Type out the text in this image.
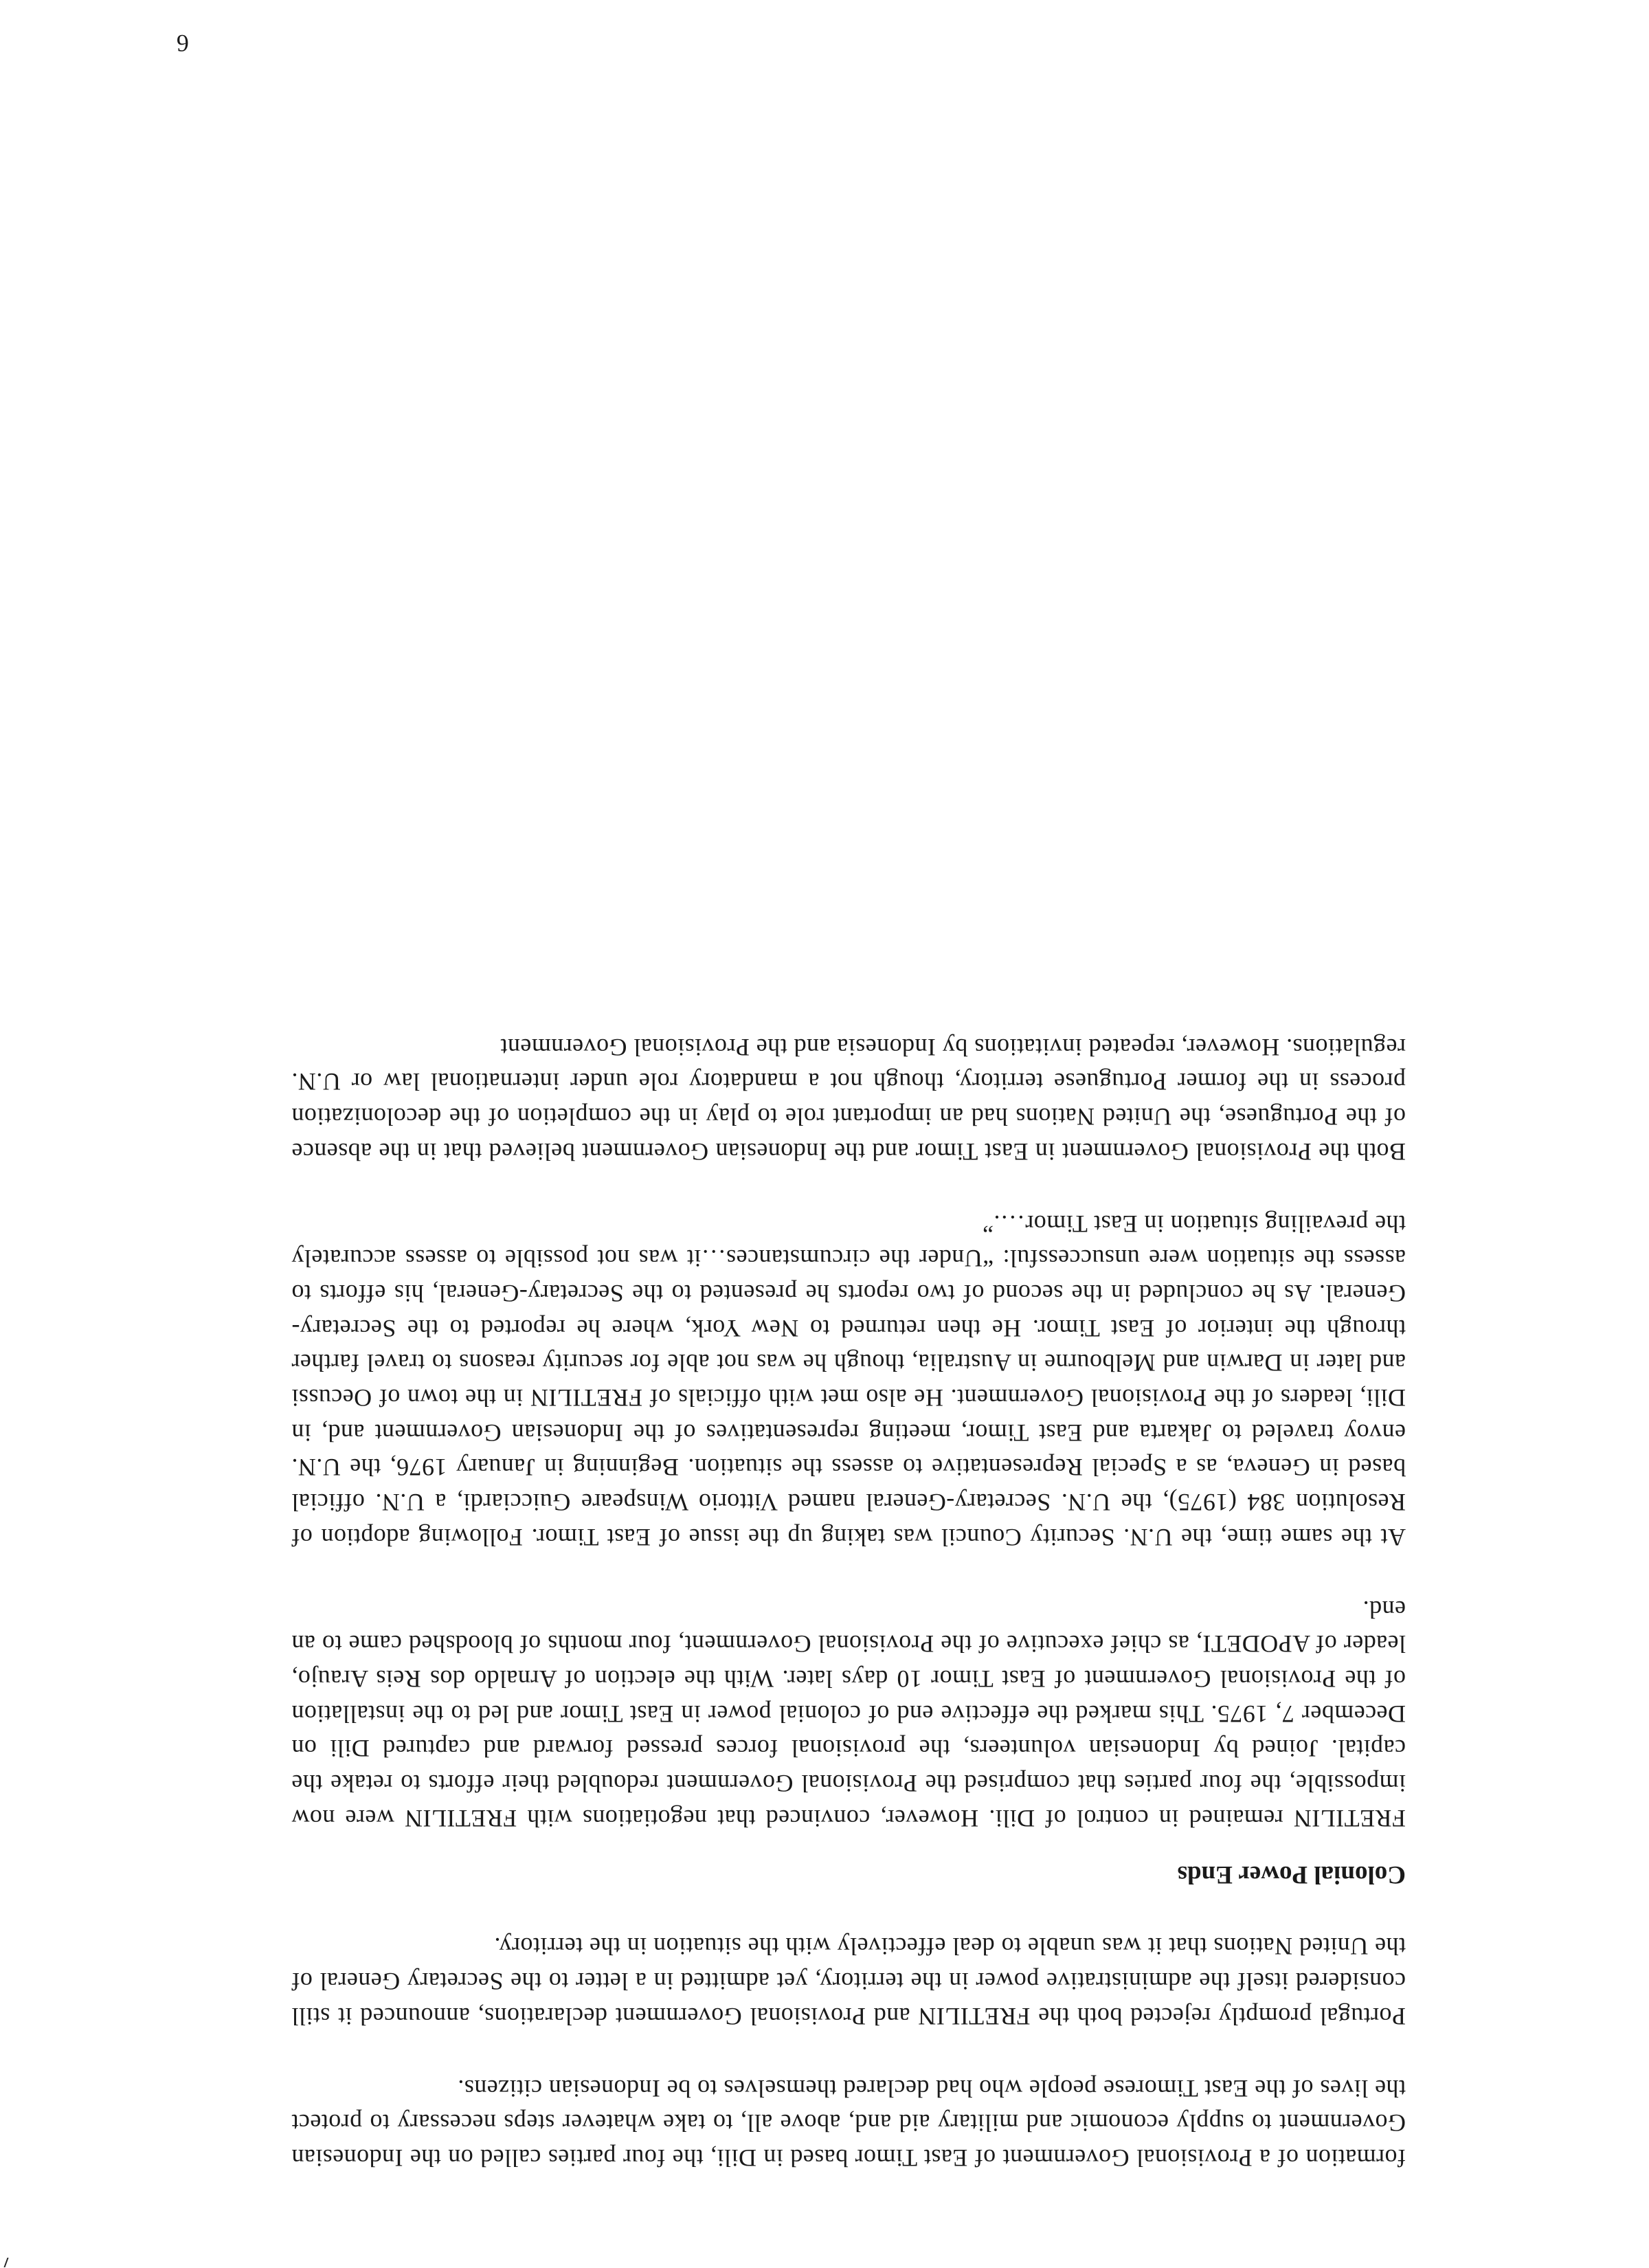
formation of a Provisional Government of East Timor based in Dili, the four parties called on the Indonesian Government to supply economic and military aid and, above all, to take whatever steps necessary to protect the lives of the East Timorese people who had declared themselves to be Indonesian citizens.

Portugal promptly rejected both the FRETILIN and Provisional Government declarations, announced it still considered itself the administrative power in the territory, yet admitted in a letter to the Secretary General of the United Nations that it was unable to deal effectively with the situation in the territory.

Colonial Power Ends

FRETILIN remained in control of Dili. However, convinced that negotiations with FRETILIN were now impossible, the four parties that comprised the Provisional Government redoubled their efforts to retake the capital. Joined by Indonesian volunteers, the provisional forces pressed forward and captured Dili on December 7, 1975. This marked the effective end of colonial power in East Timor and led to the installation of the Provisional Government of East Timor 10 days later. With the election of Arnaldo dos Reis Araujo, leader of APODETI, as chief executive of the Provisional Government, four months of bloodshed came to an end.

At the same time, the U.N. Security Council was taking up the issue of East Timor. Following adoption of Resolution 384 (1975), the U.N. Secretary-General named Vittorio Winspeare Guicciardi, a U.N. official based in Geneva, as a Special Representative to assess the situation. Beginning in January 1976, the U.N. envoy traveled to Jakarta and East Timor, meeting representatives of the Indonesian Government and, in Dili, leaders of the Provisional Government. He also met with officials of FRETILIN in the town of Oecussi and later in Darwin and Melbourne in Australia, though he was not able for security reasons to travel farther through the interior of East Timor. He then returned to New York, where he reported to the Secretary-General. As he concluded in the second of two reports he presented to the Secretary-General, his efforts to assess the situation were unsuccessful: “Under the circumstances…it was not possible to assess accurately the prevailing situation in East Timor….”

Both the Provisional Government in East Timor and the Indonesian Government believed that in the absence of the Portuguese, the United Nations had an important role to play in the completion of the decolonization process in the former Portuguese territory, though not a mandatory role under international law or U.N. regulations. However, repeated invitations by Indonesia and the Provisional Government

6
